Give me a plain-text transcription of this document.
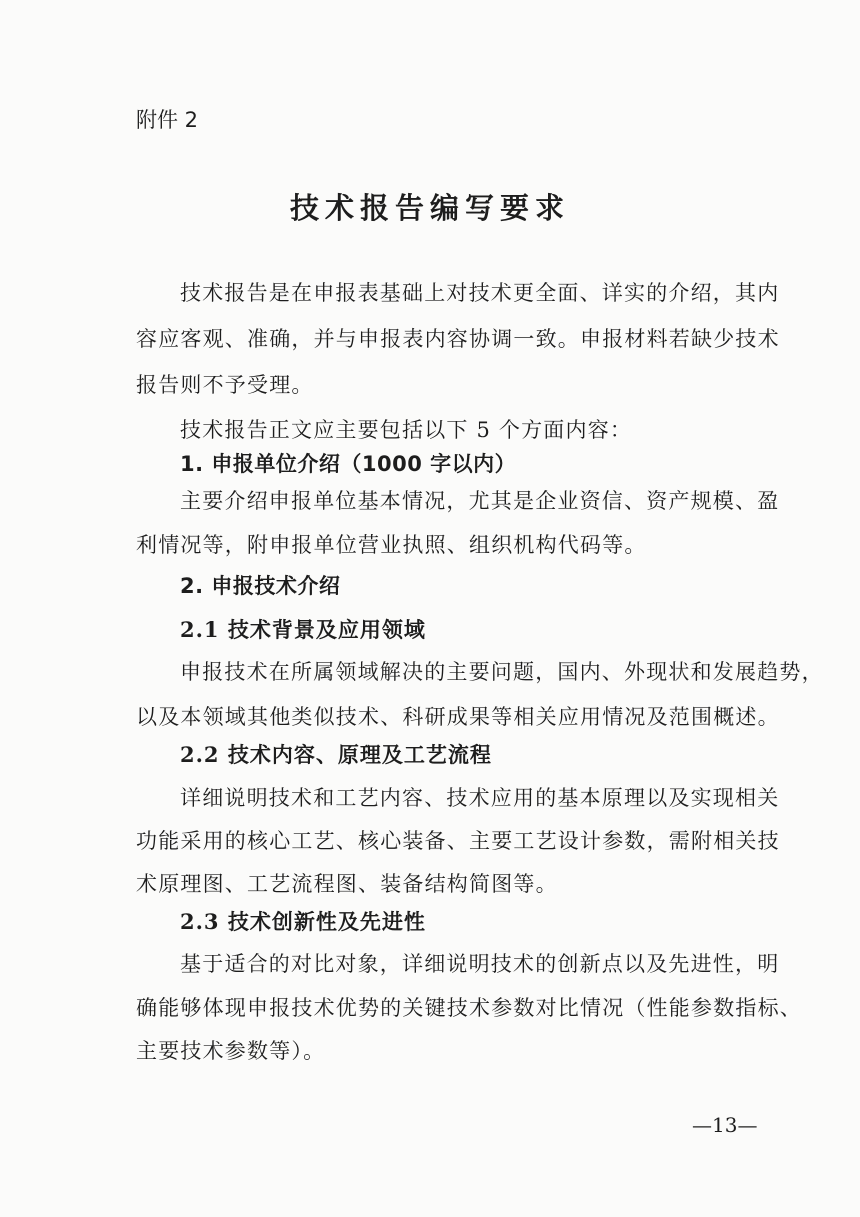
附件 2
技术报告编写要求
技术报告是在申报表基础上对技术更全面、详实的介绍，其内
容应客观、准确，并与申报表内容协调一致。申报材料若缺少技术
报告则不予受理。
技术报告正文应主要包括以下 5 个方面内容：
1. 申报单位介绍（1000 字以内）
主要介绍申报单位基本情况，尤其是企业资信、资产规模、盈
利情况等，附申报单位营业执照、组织机构代码等。
2. 申报技术介绍
2.1 技术背景及应用领域
申报技术在所属领域解决的主要问题，国内、外现状和发展趋势，
以及本领域其他类似技术、科研成果等相关应用情况及范围概述。
2.2 技术内容、原理及工艺流程
详细说明技术和工艺内容、技术应用的基本原理以及实现相关
功能采用的核心工艺、核心装备、主要工艺设计参数，需附相关技
术原理图、工艺流程图、装备结构简图等。
2.3 技术创新性及先进性
基于适合的对比对象，详细说明技术的创新点以及先进性，明
确能够体现申报技术优势的关键技术参数对比情况（性能参数指标、
主要技术参数等）。
—13—
